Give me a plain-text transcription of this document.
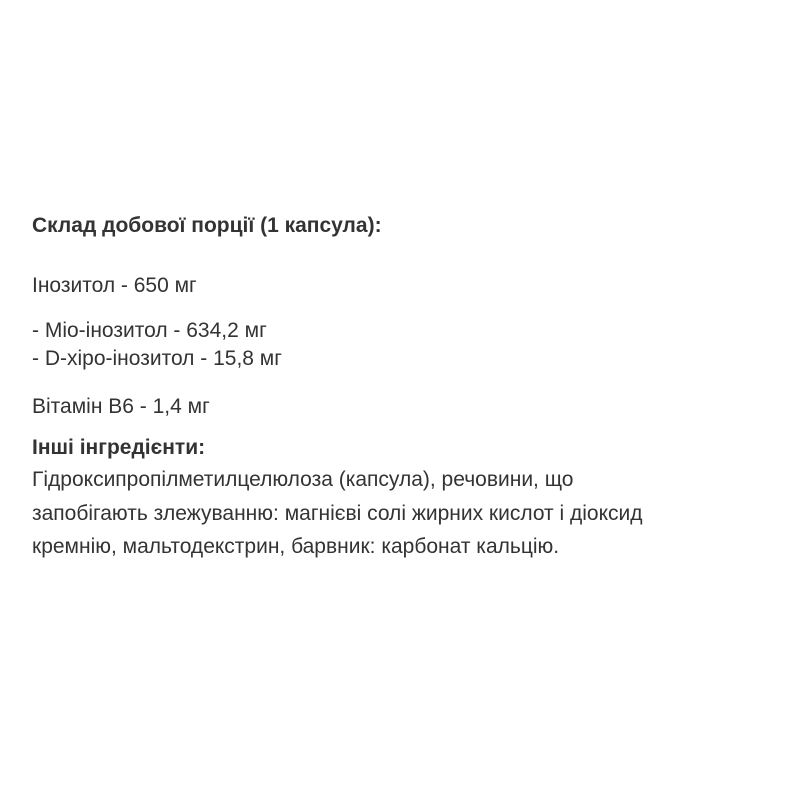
Склад добової порції (1 капсула):
Інозитол - 650 мг
- Міо-інозитол - 634,2 мг
- D-хіро-інозитол - 15,8 мг
Вітамін В6 - 1,4 мг
Інші інгредієнти:
Гідроксипропілметилцелюлоза (капсула), речовини, що
запобігають злежуванню: магнієві солі жирних кислот і діоксид
кремнію, мальтодекстрин, барвник: карбонат кальцію.
